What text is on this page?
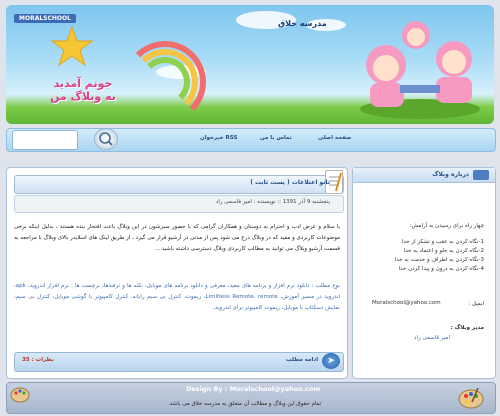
MORALSCHOOL
مدرسه خلاق
جونم آمدید
به وبلاگ من
صفحه اصلی
تماس با من
خبرخوان RSS
تانو اعتلاغات ( پست ثابت )
پنجشنبه 9 آذر 1391 :: نویسنده : امیر قاسمی راد
با سلام و عرض ادب و احترام به دوستان و همکاران گرامی که با حضور سبزشون در این وبلاگ باعث افتخار بنده هستند ، بدلیل اینکه برخی موضوعات کاربردی و مفید که در وبلاگ درج می شود پس از مدتی در آرشیو قرار می گیرد ، از طریق لینک های اسلایدر بالای وبلاگ با مراجعه به قسمت آرشیو وبلاگ می توانید به مطالب کاربردی وبلاگ دسترسی داشته باشید ...
نوع مطلب : دانلود نرم افزار و برنامه های مفید، معرفی و دانلود برنامه های موبایل، نکته ها و ترفندها، برچسب ها : نرم افزار اندروید، apk، اندروید در مسیر آموزش، Limitless Remote، remote، ریموت، کنترل بی سیم رایانه، کنترل کامپیوتر با گوشی موبایل، کنترل بی سیم، نمایش دسکتاپ با موبایل، ریموت کامپیوتر برای اندروید،
➤
ادامه مطلب
نظرات : 35
درباره وبلاگ
چهار راه برای رسیدن به آرامش:
1-نگاه کردن به عقب و تشکر از خدا
2-نگاه کردن به جلو و اعتماد به خدا
3-نگاه کردن به اطراف و خدمت به خدا
4-نگاه کردن به درون و پیدا کردن خدا
ایمیل :
Moralschool@yahoo.com
مدیر وبلاگ :
امیر قاسمی راد
Design By : Moralschool@yahoo.com
تمام حقوق این وبلاگ و مطالب آن متعلق به مدرسه خلاق می باشد.
